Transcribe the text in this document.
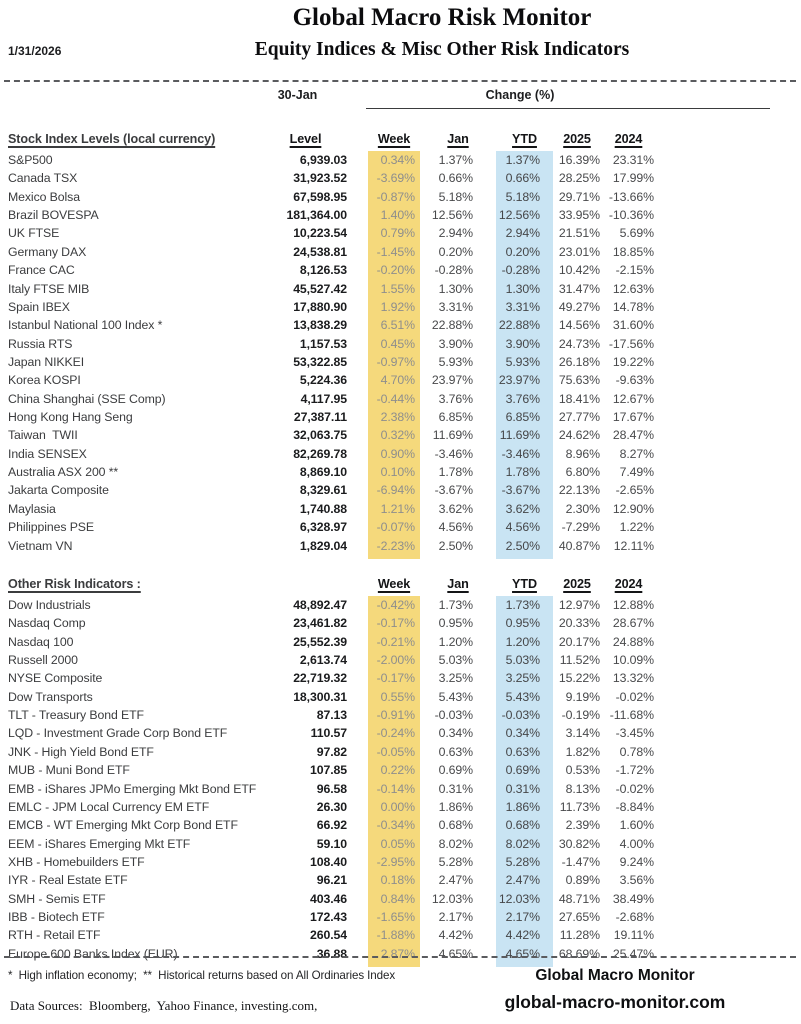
1/31/2026
Global Macro Risk Monitor
Equity Indices & Misc Other Risk Indicators
30-Jan	Change (%)
Stock Index Levels (local currency)	Level		Week	Jan	YTD	2025	2024
S&P500	6,939.03		0.34%	1.37%	1.37%	16.39%	23.31%
Canada TSX	31,923.52		-3.69%	0.66%	0.66%	28.25%	17.99%
Mexico Bolsa	67,598.95		-0.87%	5.18%	5.18%	29.71%	-13.66%
Brazil BOVESPA	181,364.00		1.40%	12.56%	12.56%	33.95%	-10.36%
UK FTSE	10,223.54		0.79%	2.94%	2.94%	21.51%	5.69%
Germany DAX	24,538.81		-1.45%	0.20%	0.20%	23.01%	18.85%
France CAC	8,126.53		-0.20%	-0.28%	-0.28%	10.42%	-2.15%
Italy FTSE MIB	45,527.42		1.55%	1.30%	1.30%	31.47%	12.63%
Spain IBEX	17,880.90		1.92%	3.31%	3.31%	49.27%	14.78%
Istanbul National 100 Index *	13,838.29		6.51%	22.88%	22.88%	14.56%	31.60%
Russia RTS	1,157.53		0.45%	3.90%	3.90%	24.73%	-17.56%
Japan NIKKEI	53,322.85		-0.97%	5.93%	5.93%	26.18%	19.22%
Korea KOSPI	5,224.36		4.70%	23.97%	23.97%	75.63%	-9.63%
China Shanghai (SSE Comp)	4,117.95		-0.44%	3.76%	3.76%	18.41%	12.67%
Hong Kong Hang Seng	27,387.11		2.38%	6.85%	6.85%	27.77%	17.67%
Taiwan  TWII	32,063.75		0.32%	11.69%	11.69%	24.62%	28.47%
India SENSEX	82,269.78		0.90%	-3.46%	-3.46%	8.96%	8.27%
Australia ASX 200 **	8,869.10		0.10%	1.78%	1.78%	6.80%	7.49%
Jakarta Composite	8,329.61		-6.94%	-3.67%	-3.67%	22.13%	-2.65%
Maylasia	1,740.88		1.21%	3.62%	3.62%	2.30%	12.90%
Philippines PSE	6,328.97		-0.07%	4.56%	4.56%	-7.29%	1.22%
Vietnam VN	1,829.04		-2.23%	2.50%	2.50%	40.87%	12.11%

Other Risk Indicators :			Week	Jan	YTD	2025	2024
Dow Industrials	48,892.47		-0.42%	1.73%	1.73%	12.97%	12.88%
Nasdaq Comp	23,461.82		-0.17%	0.95%	0.95%	20.33%	28.67%
Nasdaq 100	25,552.39		-0.21%	1.20%	1.20%	20.17%	24.88%
Russell 2000	2,613.74		-2.00%	5.03%	5.03%	11.52%	10.09%
NYSE Composite	22,719.32		-0.17%	3.25%	3.25%	15.22%	13.32%
Dow Transports	18,300.31		0.55%	5.43%	5.43%	9.19%	-0.02%
TLT - Treasury Bond ETF	87.13		-0.91%	-0.03%	-0.03%	-0.19%	-11.68%
LQD - Investment Grade Corp Bond ETF	110.57		-0.24%	0.34%	0.34%	3.14%	-3.45%
JNK - High Yield Bond ETF	97.82		-0.05%	0.63%	0.63%	1.82%	0.78%
MUB - Muni Bond ETF	107.85		0.22%	0.69%	0.69%	0.53%	-1.72%
EMB - iShares JPMo Emerging Mkt Bond ETF	96.58		-0.14%	0.31%	0.31%	8.13%	-0.02%
EMLC - JPM Local Currency EM ETF	26.30		0.00%	1.86%	1.86%	11.73%	-8.84%
EMCB - WT Emerging Mkt Corp Bond ETF	66.92		-0.34%	0.68%	0.68%	2.39%	1.60%
EEM - iShares Emerging Mkt ETF	59.10		0.05%	8.02%	8.02%	30.82%	4.00%
XHB - Homebuilders ETF	108.40		-2.95%	5.28%	5.28%	-1.47%	9.24%
IYR - Real Estate ETF	96.21		0.18%	2.47%	2.47%	0.89%	3.56%
SMH - Semis ETF	403.46		0.84%	12.03%	12.03%	48.71%	38.49%
IBB - Biotech ETF	172.43		-1.65%	2.17%	2.17%	27.65%	-2.68%
RTH - Retail ETF	260.54		-1.88%	4.42%	4.42%	11.28%	19.11%
Europe 600 Banks Index (EUR)	36.88		2.87%	4.65%	4.65%	68.69%	25.47%

*  High inflation economy;  **  Historical returns based on All Ordinaries Index
Data Sources:  Bloomberg,  Yahoo Finance, investing.com,
Global Macro Monitor
global-macro-monitor.com
